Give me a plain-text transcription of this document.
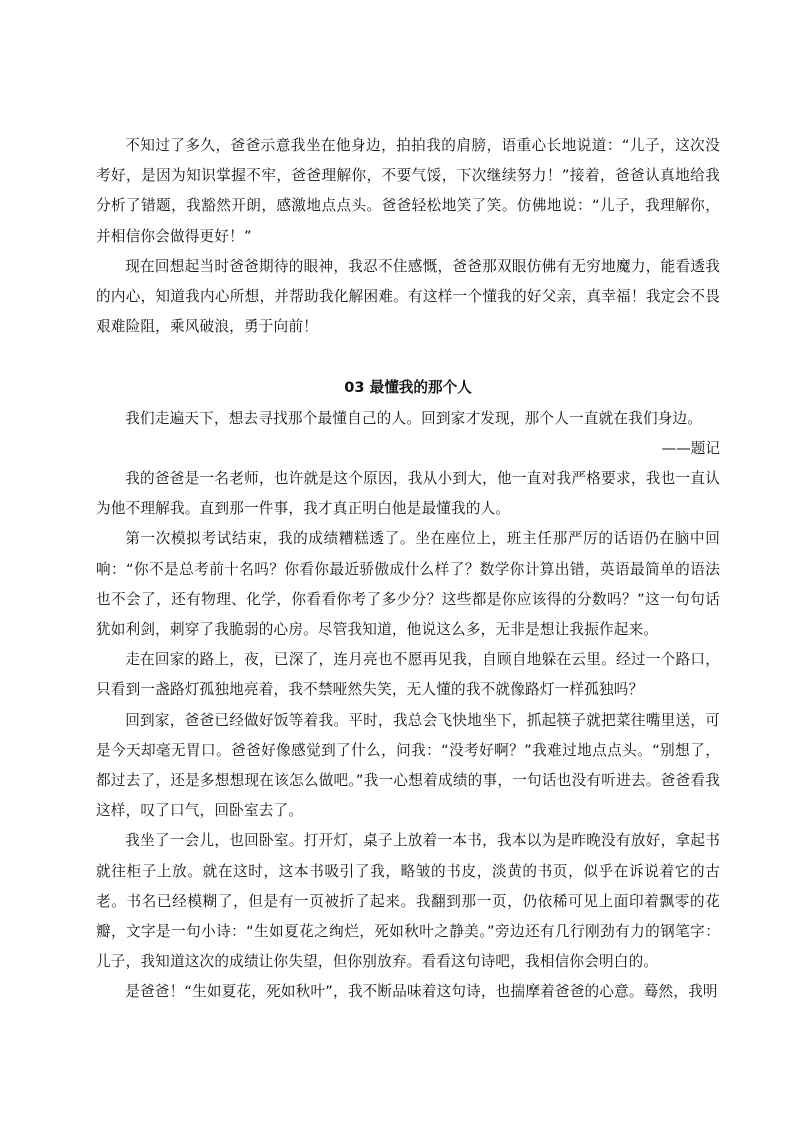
不知过了多久，爸爸示意我坐在他身边，拍拍我的肩膀，语重心长地说道：“儿子，这次没考好，是因为知识掌握不牢，爸爸理解你，不要气馁，下次继续努力！”接着，爸爸认真地给我分析了错题，我豁然开朗，感激地点点头。爸爸轻松地笑了笑。仿佛地说：“儿子，我理解你，并相信你会做得更好！”

现在回想起当时爸爸期待的眼神，我忍不住感慨，爸爸那双眼仿佛有无穷地魔力，能看透我的内心，知道我内心所想，并帮助我化解困难。有这样一个懂我的好父亲，真幸福！我定会不畏艰难险阻，乘风破浪，勇于向前！

03 最懂我的那个人

我们走遍天下，想去寻找那个最懂自己的人。回到家才发现，那个人一直就在我们身边。

——题记

我的爸爸是一名老师，也许就是这个原因，我从小到大，他一直对我严格要求，我也一直认为他不理解我。直到那一件事，我才真正明白他是最懂我的人。

第一次模拟考试结束，我的成绩糟糕透了。坐在座位上，班主任那严厉的话语仍在脑中回响：“你不是总考前十名吗？你看你最近骄傲成什么样了？数学你计算出错，英语最简单的语法也不会了，还有物理、化学，你看看你考了多少分？这些都是你应该得的分数吗？”这一句句话犹如利剑，刺穿了我脆弱的心房。尽管我知道，他说这么多，无非是想让我振作起来。

走在回家的路上，夜，已深了，连月亮也不愿再见我，自顾自地躲在云里。经过一个路口，只看到一盏路灯孤独地亮着，我不禁哑然失笑，无人懂的我不就像路灯一样孤独吗？

回到家，爸爸已经做好饭等着我。平时，我总会飞快地坐下，抓起筷子就把菜往嘴里送，可是今天却毫无胃口。爸爸好像感觉到了什么，问我：“没考好啊？”我难过地点点头。“别想了，都过去了，还是多想想现在该怎么做吧。”我一心想着成绩的事，一句话也没有听进去。爸爸看我这样，叹了口气，回卧室去了。

我坐了一会儿，也回卧室。打开灯，桌子上放着一本书，我本以为是昨晚没有放好，拿起书就往柜子上放。就在这时，这本书吸引了我，略皱的书皮，淡黄的书页，似乎在诉说着它的古老。书名已经模糊了，但是有一页被折了起来。我翻到那一页，仍依稀可见上面印着飘零的花瓣，文字是一句小诗：“生如夏花之绚烂，死如秋叶之静美。”旁边还有几行刚劲有力的钢笔字：儿子，我知道这次的成绩让你失望，但你别放弃。看看这句诗吧，我相信你会明白的。

是爸爸！“生如夏花，死如秋叶”，我不断品味着这句诗，也揣摩着爸爸的心意。蓦然，我明
